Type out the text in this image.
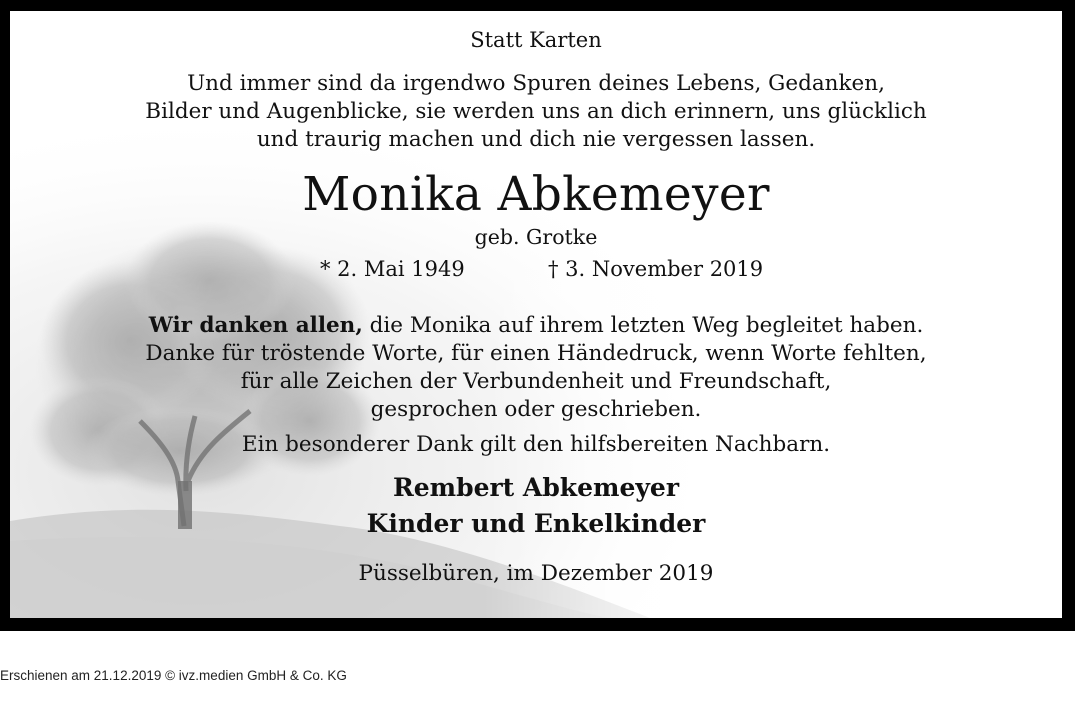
Statt Karten
Und immer sind da irgendwo Spuren deines Lebens, Gedanken,
Bilder und Augenblicke, sie werden uns an dich erinnern, uns glücklich
und traurig machen und dich nie vergessen lassen.
Monika Abkemeyer
geb. Grotke
* 2. Mai 1949	† 3. November 2019
Wir danken allen, die Monika auf ihrem letzten Weg begleitet haben.
Danke für tröstende Worte, für einen Händedruck, wenn Worte fehlten,
für alle Zeichen der Verbundenheit und Freundschaft,
gesprochen oder geschrieben.
Ein besonderer Dank gilt den hilfsbereiten Nachbarn.
Rembert Abkemeyer
Kinder und Enkelkinder
Püsselbüren, im Dezember 2019
Erschienen am 21.12.2019 © ivz.medien GmbH & Co. KG
